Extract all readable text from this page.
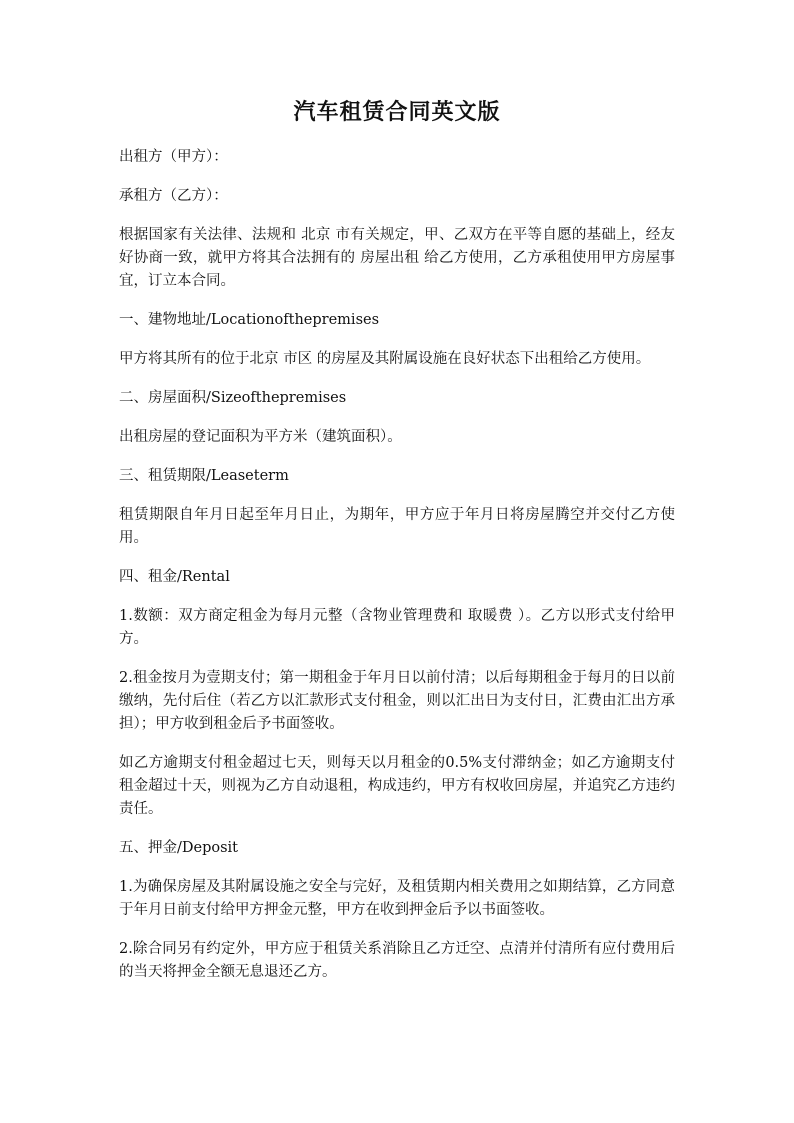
汽车租赁合同英文版

出租方（甲方）：

承租方（乙方）：

根据国家有关法律、法规和 北京 市有关规定，甲、乙双方在平等自愿的基础上，经友好协商一致，就甲方将其合法拥有的 房屋出租 给乙方使用，乙方承租使用甲方房屋事宜，订立本合同。

一、建物地址/Locationofthepremises

甲方将其所有的位于北京 市区 的房屋及其附属设施在良好状态下出租给乙方使用。

二、房屋面积/Sizeofthepremises

出租房屋的登记面积为平方米（建筑面积）。

三、租赁期限/Leaseterm

租赁期限自年月日起至年月日止，为期年，甲方应于年月日将房屋腾空并交付乙方使用。

四、租金/Rental

1.数额：双方商定租金为每月元整（含物业管理费和 取暖费 ）。乙方以形式支付给甲方。

2.租金按月为壹期支付；第一期租金于年月日以前付清；以后每期租金于每月的日以前缴纳，先付后住（若乙方以汇款形式支付租金，则以汇出日为支付日，汇费由汇出方承担）；甲方收到租金后予书面签收。

如乙方逾期支付租金超过七天，则每天以月租金的0.5%支付滞纳金；如乙方逾期支付租金超过十天，则视为乙方自动退租，构成违约，甲方有权收回房屋，并追究乙方违约责任。

五、押金/Deposit

1.为确保房屋及其附属设施之安全与完好，及租赁期内相关费用之如期结算，乙方同意于年月日前支付给甲方押金元整，甲方在收到押金后予以书面签收。

2.除合同另有约定外，甲方应于租赁关系消除且乙方迁空、点清并付清所有应付费用后的当天将押金全额无息退还乙方。
